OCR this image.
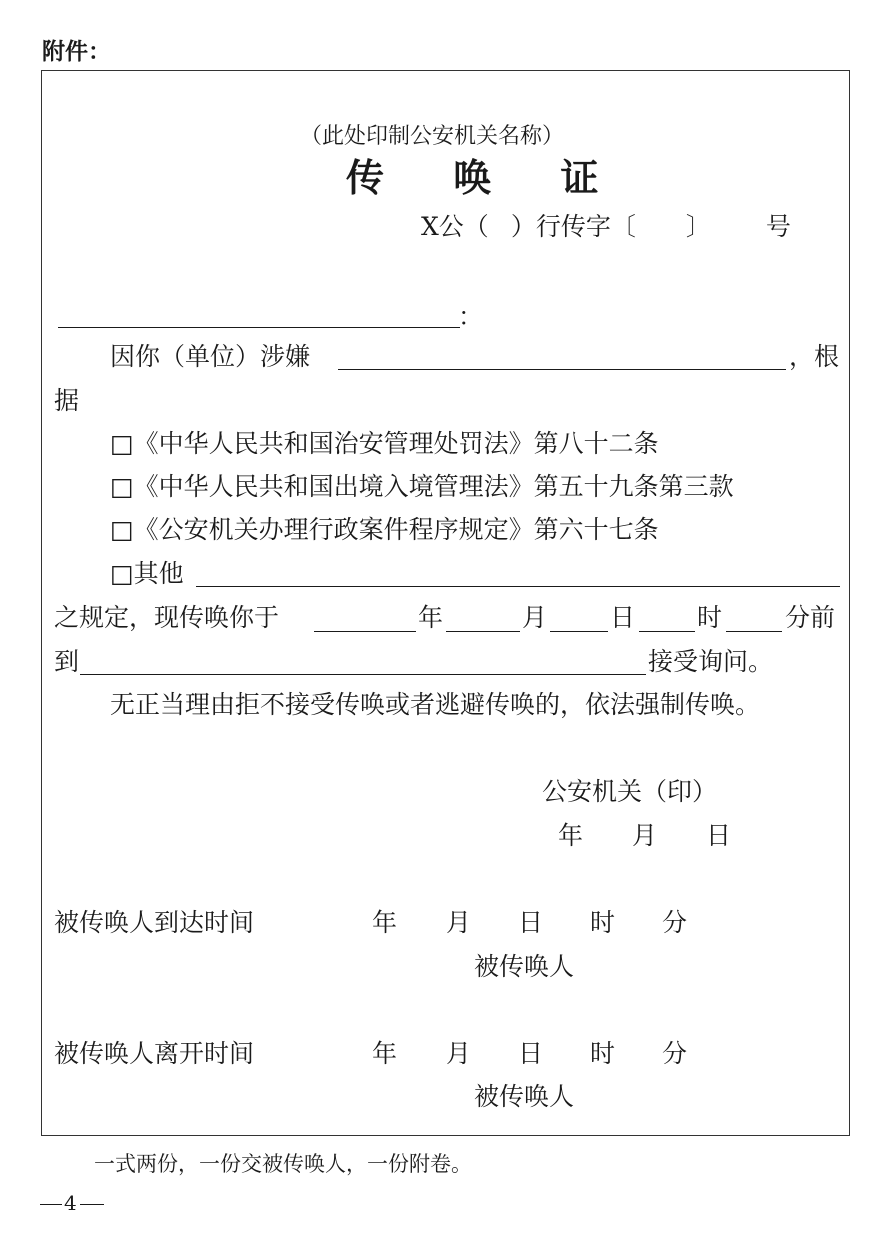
附件：
（此处印制公安机关名称）
传 唤 证
X公（ ）行传字〔 〕 号
：
因你（单位）涉嫌	，根
据
□《中华人民共和国治安管理处罚法》第八十二条
□《中华人民共和国出境入境管理法》第五十九条第三款
□《公安机关办理行政案件程序规定》第六十七条
□其他
之规定，现传唤你于	年	月	日 时	分前
到	接受询问。
无正当理由拒不接受传唤或者逃避传唤的，依法强制传唤。
公安机关（印）
年 月 日
被传唤人到达时间	年 月 日 时 分
被传唤人
被传唤人离开时间	年 月 日 时 分
被传唤人
一式两份，一份交被传唤人，一份附卷。
4
